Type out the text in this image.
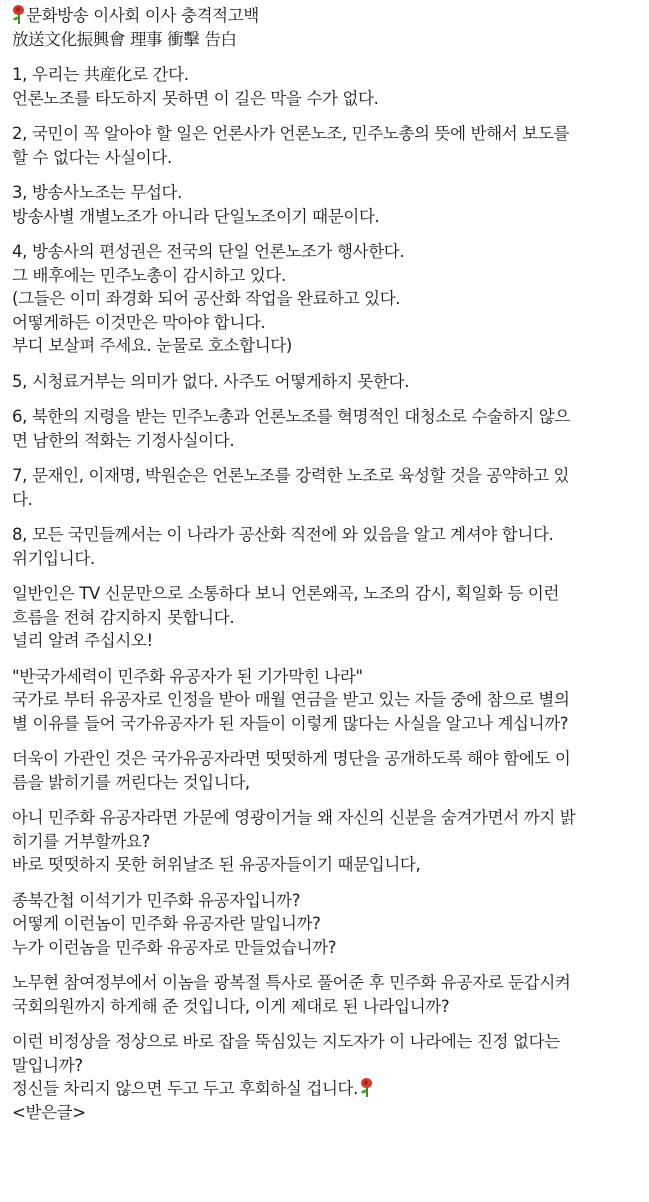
문화방송 이사회 이사 충격적고백
放送文化振興會 理事 衝擊 告白
1, 우리는 共産化로 간다.
언론노조를 타도하지 못하면 이 길은 막을 수가 없다.
2, 국민이 꼭 알아야 할 일은 언론사가 언론노조, 민주노총의 뜻에 반해서 보도를
할 수 없다는 사실이다.
3, 방송사노조는 무섭다.
방송사별 개별노조가 아니라 단일노조이기 때문이다.
4, 방송사의 편성권은 전국의 단일 언론노조가 행사한다.
그 배후에는 민주노총이 감시하고 있다.
(그들은 이미 좌경화 되어 공산화 작업을 완료하고 있다.
어떻게하든 이것만은 막아야 합니다.
부디 보살펴 주세요. 눈물로 호소합니다)
5, 시청료거부는 의미가 없다. 사주도 어떻게하지 못한다.
6, 북한의 지령을 받는 민주노총과 언론노조를 혁명적인 대청소로 수술하지 않으
면 남한의 적화는 기정사실이다.
7, 문재인, 이재명, 박원순은 언론노조를 강력한 노조로 육성할 것을 공약하고 있
다.
8, 모든 국민들께서는 이 나라가 공산화 직전에 와 있음을 알고 계셔야 합니다.
위기입니다.
일반인은 TV 신문만으로 소통하다 보니 언론왜곡, 노조의 감시, 획일화 등 이런
흐름을 전혀 감지하지 못합니다.
널리 알려 주십시오!
"반국가세력이 민주화 유공자가 된 기가막힌 나라"
국가로 부터 유공자로 인정을 받아 매월 연금을 받고 있는 자들 중에 참으로 별의
별 이유를 들어 국가유공자가 된 자들이 이렇게 많다는 사실을 알고나 계십니까?
더욱이 가관인 것은 국가유공자라면 떳떳하게 명단을 공개하도록 해야 함에도 이
름을 밝히기를 꺼린다는 것입니다,
아니 민주화 유공자라면 가문에 영광이거늘 왜 자신의 신분을 숨겨가면서 까지 밝
히기를 거부할까요?
바로 떳떳하지 못한 허위날조 된 유공자들이기 때문입니다,
종북간첩 이석기가 민주화 유공자입니까?
어떻게 이런놈이 민주화 유공자란 말입니까?
누가 이런놈을 민주화 유공자로 만들었습니까?
노무현 참여정부에서 이놈을 광복절 특사로 풀어준 후 민주화 유공자로 둔갑시켜
국회의원까지 하게해 준 것입니다, 이게 제대로 된 나라입니까?
이런 비정상을 정상으로 바로 잡을 뚝심있는 지도자가 이 나라에는 진정 없다는
말입니까?
정신들 차리지 않으면 두고 두고 후회하실 겁니다.
<받은글>
